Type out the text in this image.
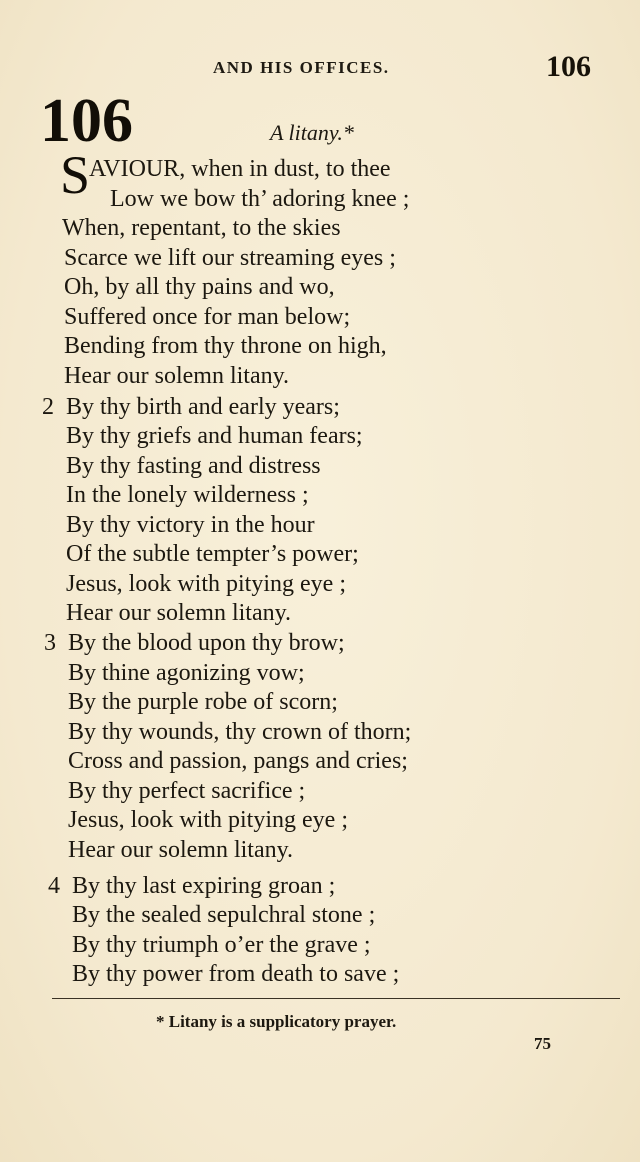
AND HIS OFFICES.	106
106	A litany.*
S
AVIOUR, when in dust, to thee
Low we bow th’ adoring knee ;
When, repentant, to the skies
Scarce we lift our streaming eyes ;
Oh, by all thy pains and wo,
Suffered once for man below;
Bending from thy throne on high,
Hear our solemn litany.
2 By thy birth and early years;
By thy griefs and human fears;
By thy fasting and distress
In the lonely wilderness ;
By thy victory in the hour
Of the subtle tempter’s power;
Jesus, look with pitying eye ;
Hear our solemn litany.
3 By the blood upon thy brow;
By thine agonizing vow;
By the purple robe of scorn;
By thy wounds, thy crown of thorn;
Cross and passion, pangs and cries;
By thy perfect sacrifice ;
Jesus, look with pitying eye ;
Hear our solemn litany.
4 By thy last expiring groan ;
By the sealed sepulchral stone ;
By thy triumph o’er the grave ;
By thy power from death to save ;
* Litany is a supplicatory prayer.
75
